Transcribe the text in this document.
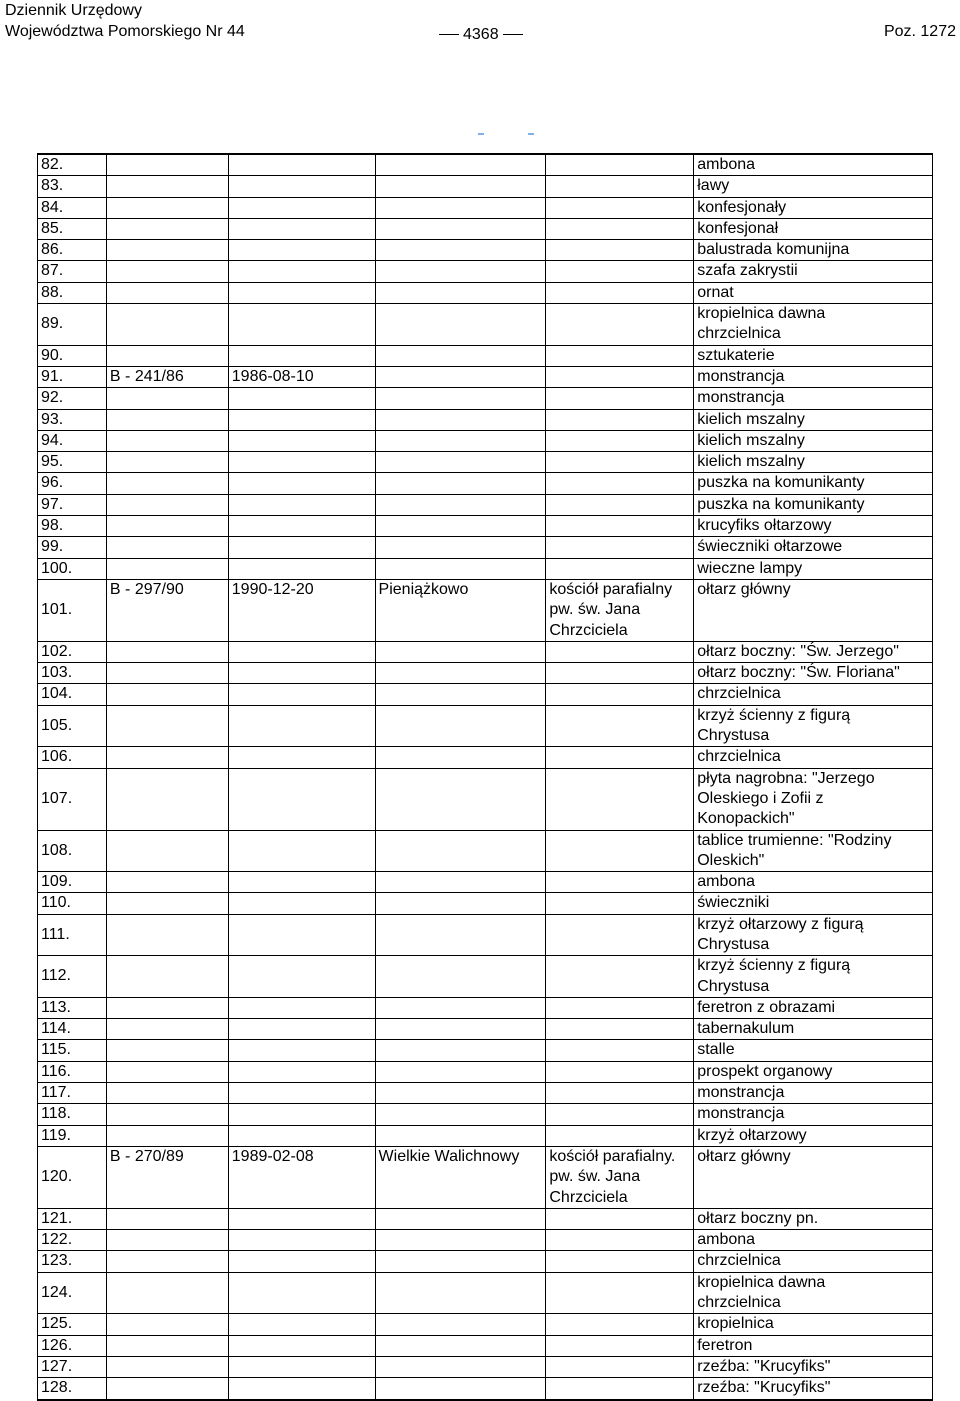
Dziennik Urzędowy
Województwa Pomorskiego Nr 44	4368	Poz. 1272
82.					ambona
83.					ławy
84.					konfesjonały
85.					konfesjonał
86.					balustrada komunijna
87.					szafa zakrystii
88.					ornat
89.					kropielnica dawna
chrzcielnica
90.					sztukaterie
91.	B - 241/86	1986-08-10			monstrancja
92.					monstrancja
93.					kielich mszalny
94.					kielich mszalny
95.					kielich mszalny
96.					puszka na komunikanty
97.					puszka na komunikanty
98.					krucyfiks ołtarzowy
99.					świeczniki ołtarzowe
100.					wieczne lampy
101.	B - 297/90	1990-12-20	Pieniążkowo	kościół parafialny
pw. św. Jana
Chrzciciela	ołtarz główny
102.					ołtarz boczny: "Św. Jerzego"
103.					ołtarz boczny: "Św. Floriana"
104.					chrzcielnica
105.					krzyż ścienny z figurą
Chrystusa
106.					chrzcielnica
107.					płyta nagrobna: "Jerzego
Oleskiego i Zofii z
Konopackich"
108.					tablice trumienne: "Rodziny
Oleskich"
109.					ambona
110.					świeczniki
111.					krzyż ołtarzowy z figurą
Chrystusa
112.					krzyż ścienny z figurą
Chrystusa
113.					feretron z obrazami
114.					tabernakulum
115.					stalle
116.					prospekt organowy
117.					monstrancja
118.					monstrancja
119.					krzyż ołtarzowy
120.	B - 270/89	1989-02-08	Wielkie Walichnowy	kościół parafialny.
pw. św. Jana
Chrzciciela	ołtarz główny
121.					ołtarz boczny pn.
122.					ambona
123.					chrzcielnica
124.					kropielnica dawna
chrzcielnica
125.					kropielnica
126.					feretron
127.					rzeźba: "Krucyfiks"
128.					rzeźba: "Krucyfiks"
